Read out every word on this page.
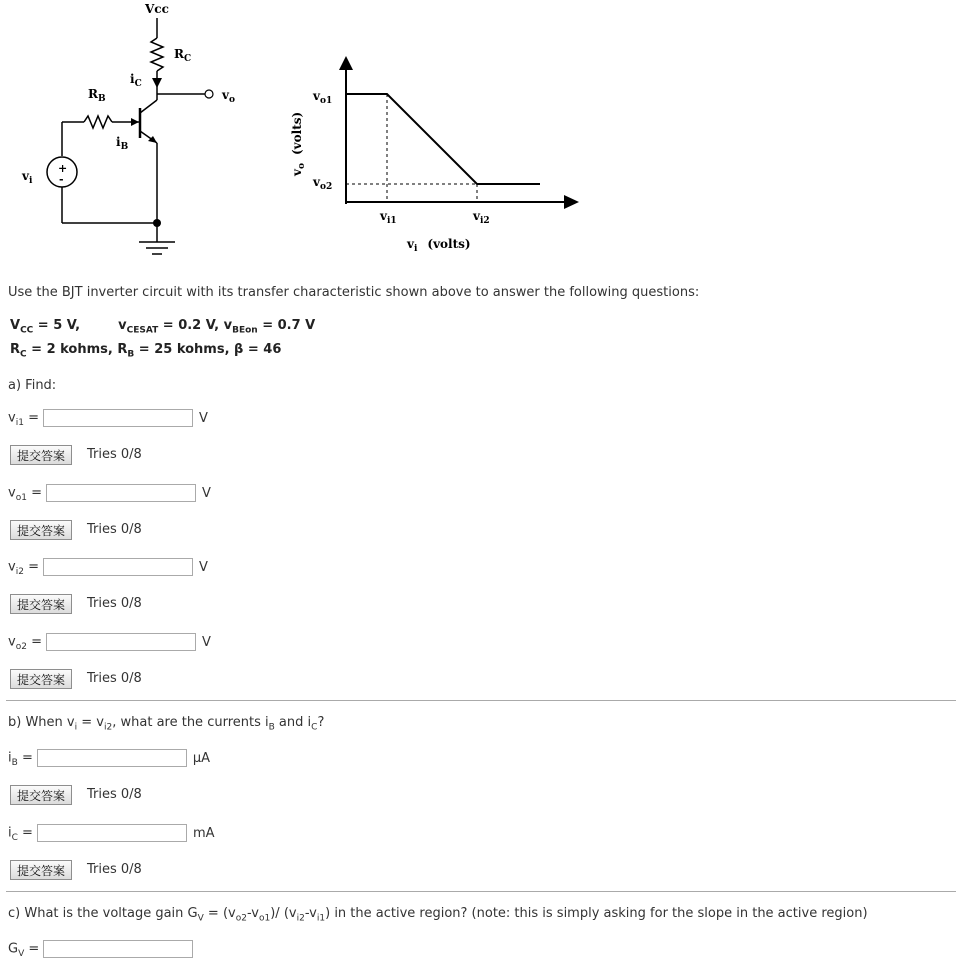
Vcc
$R_C$
$i_C$
$v_o$
$R_B$
$i_B$
+
-
$v_i$
$v_{o1}$
$v_{o2}$
$v_{i1}$	$v_{i2}$
$v_o(volts)$
$v_i$ (volts)
Use the BJT inverter circuit with its transfer characteristic shown above to answer the following questions:
$V_{CC} = 5$ V,	$v_{CESAT} = 0.2$ V, $v_{BEon} = 0.7$ V
$R_C = 2$ kohms, $R_B = 25$ kohms, β = 46
a) Find:
$v_{i1}$ =	V
提交答案	Tries 0/8
$v_{o1}$ =	V
提交答案	Tries 0/8
$v_{i2}$ =	V
提交答案	Tries 0/8
$v_{o2}$ =	V
提交答案	Tries 0/8
b) When $v_i = v_{i2}$, what are the currents $i_B$ and $i_C$?
$i_B$ =	μA
提交答案	Tries 0/8
$i_C$ =	mA
提交答案	Tries 0/8
c) What is the voltage gain $G_V = (v_{o2}-v_{o1})/$ $(v_{i2}-v_{i1})$ in the active region? (note: this is simply asking for the slope in the active region)
$G_V$ =
